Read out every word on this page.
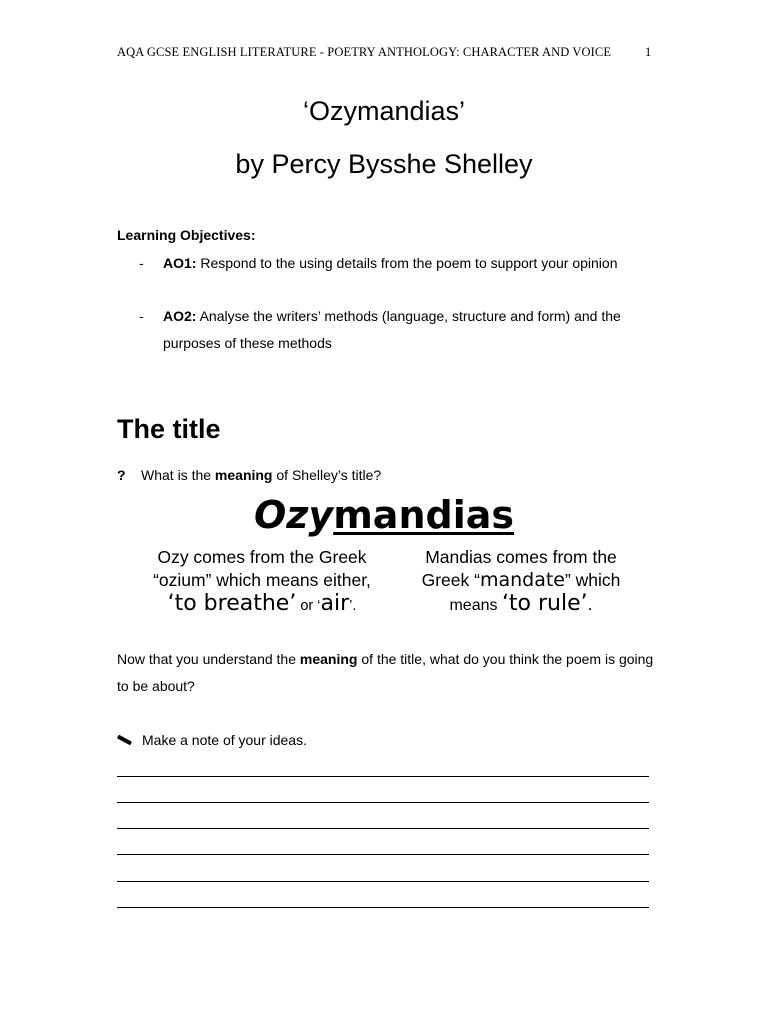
AQA GCSE ENGLISH LITERATURE - POETRY ANTHOLOGY: CHARACTER AND VOICE	1
‘Ozymandias’
by Percy Bysshe Shelley
Learning Objectives:
- AO1: Respond to the using details from the poem to support your opinion
- AO2: Analyse the writers’ methods (language, structure and form) and the purposes of these methods
The title
? What is the meaning of Shelley’s title?
Ozymandias
Ozy comes from the Greek
“ozium” which means either,
‘to breathe’ or ‘air’.
Mandias comes from the
Greek “mandate” which
means ‘to rule’.
Now that you understand the meaning of the title, what do you think the poem is going to be about?
Make a note of your ideas.
